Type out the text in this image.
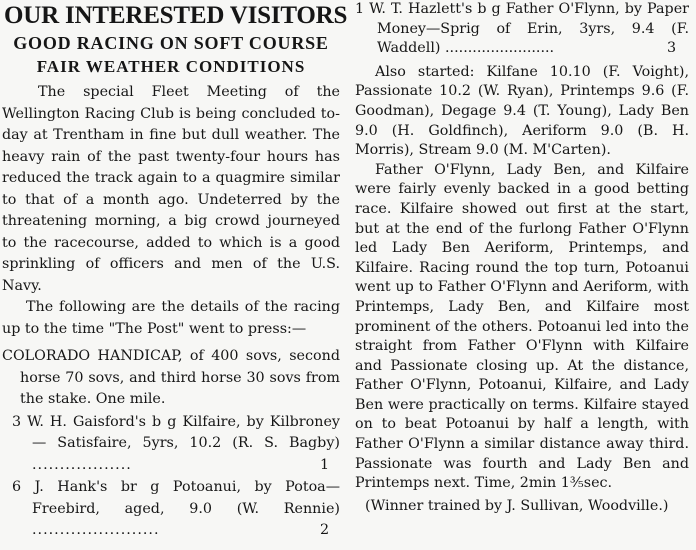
OUR INTERESTED VISITORS
GOOD RACING ON SOFT COURSE
FAIR WEATHER CONDITIONS

The special Fleet Meeting of the Wellington Racing Club is being concluded to-day at Trentham in fine but dull weather. The heavy rain of the past twenty-four hours has reduced the track again to a quagmire similar to that of a month ago. Undeterred by the threatening morning, a big crowd journeyed to the racecourse, added to which is a good sprinkling of officers and men of the U.S. Navy.

The following are the details of the racing up to the time "The Post" went to press:—

COLORADO HANDICAP, of 400 sovs, second horse 70 sovs, and third horse 30 sovs from the stake. One mile.

3 W. H. Gaisford's b g Kilfaire, by Kilbroney — Satisfaire, 5yrs, 10.2 (R. S. Bagby) ..................	1

6 J. Hank's br g Potoanui, by Potoa—Freebird, aged, 9.0 (W. Rennie) .......................	2

1 W. T. Hazlett's b g Father O'Flynn, by Paper Money—Sprig of Erin, 3yrs, 9.4 (F. Waddell) ........................	3

Also started: Kilfane 10.10 (F. Voight), Passionate 10.2 (W. Ryan), Printemps 9.6 (F. Goodman), Degage 9.4 (T. Young), Lady Ben 9.0 (H. Goldfinch), Aeriform 9.0 (B. H. Morris), Stream 9.0 (M. M'Carten).

Father O'Flynn, Lady Ben, and Kilfaire were fairly evenly backed in a good betting race. Kilfaire showed out first at the start, but at the end of the furlong Father O'Flynn led Lady Ben Aeriform, Printemps, and Kilfaire. Racing round the top turn, Potoanui went up to Father O'Flynn and Aeriform, with Printemps, Lady Ben, and Kilfaire most prominent of the others. Potoanui led into the straight from Father O'Flynn with Kilfaire and Passionate closing up. At the distance, Father O'Flynn, Potoanui, Kilfaire, and Lady Ben were practically on terms. Kilfaire stayed on to beat Potoanui by half a length, with Father O'Flynn a similar distance away third. Passionate was fourth and Lady Ben and Printemps next. Time, 2min 1⅗sec.

(Winner trained by J. Sullivan, Woodville.)
